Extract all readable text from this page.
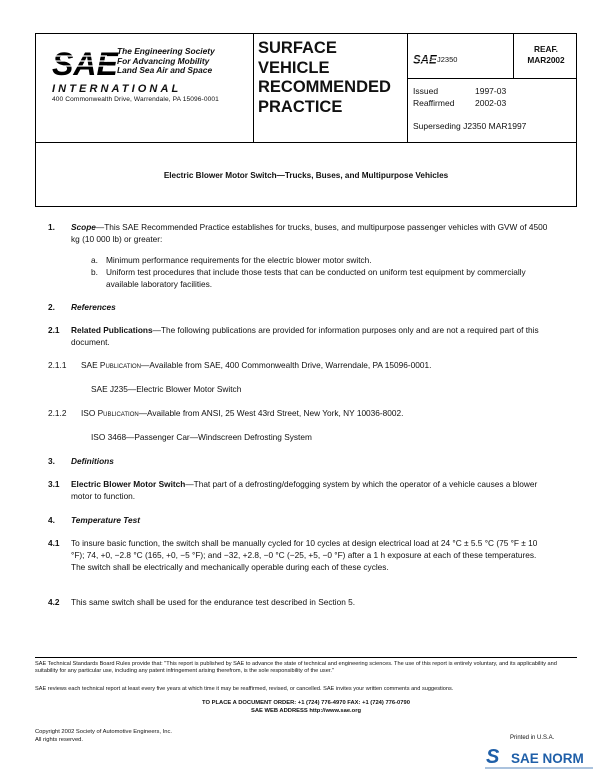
SAE The Engineering Society
For Advancing Mobility
Land Sea Air and Space
INTERNATIONAL
400 Commonwealth Drive, Warrendale, PA 15096-0001
SURFACE
VEHICLE
RECOMMENDED
PRACTICE
SAE J2350
REAF.
MAR2002
Issued	1997-03
Reaffirmed 2002-03
Superseding J2350 MAR1997
Electric Blower Motor Switch—Trucks, Buses, and Multipurpose Vehicles
1. Scope—This SAE Recommended Practice establishes for trucks, buses, and multipurpose passenger vehicles with GVW of 4500 kg (10 000 lb) or greater:
a. Minimum performance requirements for the electric blower motor switch.
b. Uniform test procedures that include those tests that can be conducted on uniform test equipment by commercially available laboratory facilities.
2. References
2.1 Related Publications—The following publications are provided for information purposes only and are not a required part of this document.
2.1.1 SAE Publication—Available from SAE, 400 Commonwealth Drive, Warrendale, PA 15096-0001.
SAE J235—Electric Blower Motor Switch
2.1.2 ISO Publication—Available from ANSI, 25 West 43rd Street, New York, NY 10036-8002.
ISO 3468—Passenger Car—Windscreen Defrosting System
3. Definitions
3.1 Electric Blower Motor Switch—That part of a defrosting/defogging system by which the operator of a vehicle causes a blower motor to function.
4. Temperature Test
4.1 To insure basic function, the switch shall be manually cycled for 10 cycles at design electrical load at 24 °C ± 5.5 °C (75 °F ± 10 °F); 74, +0, −2.8 °C (165, +0, −5 °F); and −32, +2.8, −0 °C (−25, +5, −0 °F) after a 1 h exposure at each of these temperatures. The switch shall be electrically and mechanically operable during each of these cycles.
4.2 This same switch shall be used for the endurance test described in Section 5.
SAE Technical Standards Board Rules provide that: "This report is published by SAE to advance the state of technical and engineering sciences. The use of this report is entirely voluntary, and its applicability and suitability for any particular use, including any patent infringement arising therefrom, is the sole responsibility of the user."
SAE reviews each technical report at least every five years at which time it may be reaffirmed, revised, or cancelled. SAE invites your written comments and suggestions.
TO PLACE A DOCUMENT ORDER: +1 (724) 776-4970 FAX: +1 (724) 776-0790
SAE WEB ADDRESS http://www.sae.org
Copyright 2002 Society of Automotive Engineers, Inc.
All rights reserved.	Printed in U.S.A.
S SAE NORM
